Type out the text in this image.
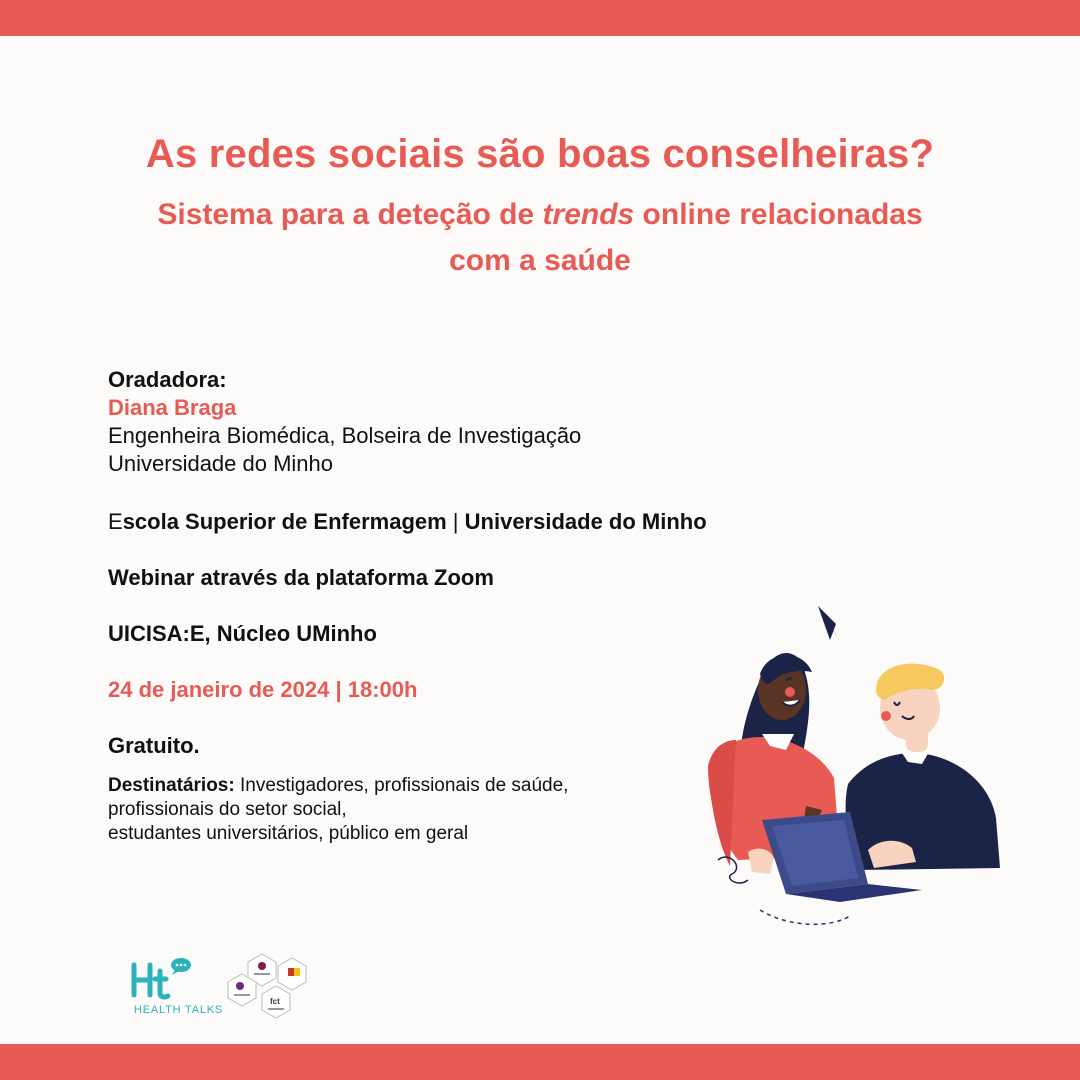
As redes sociais são boas conselheiras?
Sistema para a deteção de trends online relacionadas
com a saúde
Oradadora:
Diana Braga
Engenheira Biomédica, Bolseira de Investigação
Universidade do Minho
Escola Superior de Enfermagem | Universidade do Minho
Webinar através da plataforma Zoom
UICISA:E, Núcleo UMinho
24 de janeiro de 2024 | 18:00h
Gratuito.
Destinatários: Investigadores, profissionais de saúde,
profissionais do setor social,
estudantes universitários, público em geral
HEALTH TALKS
fct
